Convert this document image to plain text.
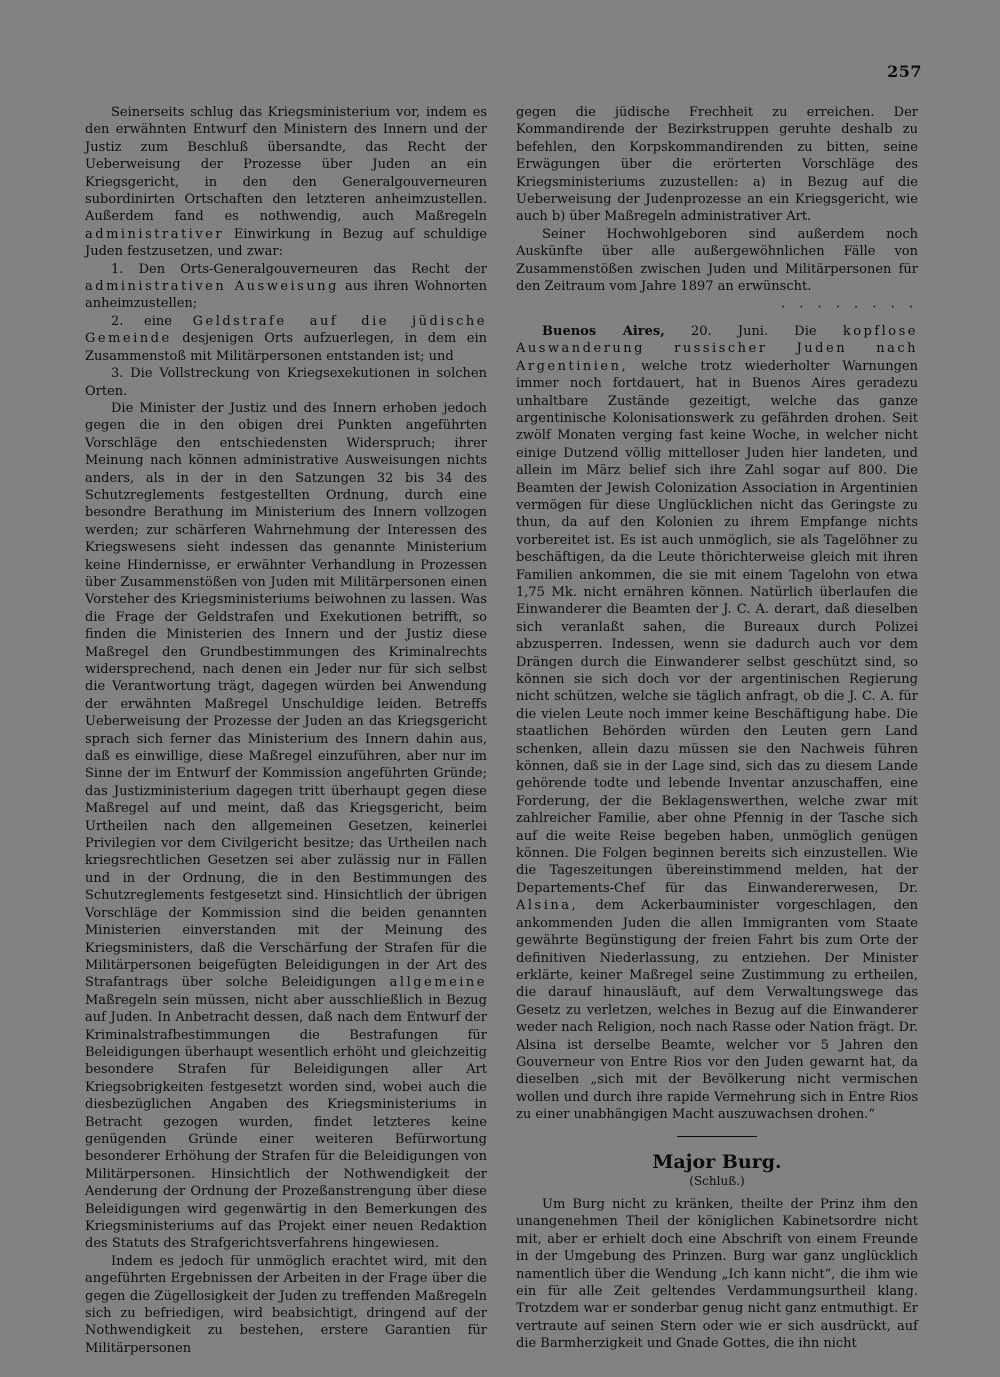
257

Seinerseits schlug das Kriegsministerium vor, indem es den erwähnten Entwurf den Ministern des Innern und der Justiz zum Beschluß übersandte, das Recht der Ueberweisung der Prozesse über Juden an ein Kriegsgericht, in den den Generalgouverneuren subordinirten Ortschaften den letzteren anheimzustellen. Außerdem fand es nothwendig, auch Maßregeln administrativer Einwirkung in Bezug auf schuldige Juden festzusetzen, und zwar:

1. Den Orts-Generalgouverneuren das Recht der administrativen Ausweisung aus ihren Wohnorten anheimzustellen;

2. eine Geldstrafe auf die jüdische Gemeinde desjenigen Orts aufzuerlegen, in dem ein Zusammenstoß mit Militärpersonen entstanden ist; und

3. Die Vollstreckung von Kriegsexekutionen in solchen Orten.

Die Minister der Justiz und des Innern erhoben jedoch gegen die in den obigen drei Punkten angeführten Vorschläge den entschiedensten Widerspruch; ihrer Meinung nach können administrative Ausweisungen nichts anders, als in der in den Satzungen 32 bis 34 des Schutzreglements festgestellten Ordnung, durch eine besondre Berathung im Ministerium des Innern vollzogen werden; zur schärferen Wahrnehmung der Interessen des Kriegswesens sieht indessen das genannte Ministerium keine Hindernisse, er erwähnter Verhandlung in Prozessen über Zusammenstößen von Juden mit Militärpersonen einen Vorsteher des Kriegsministeriums beiwohnen zu lassen. Was die Frage der Geldstrafen und Exekutionen betrifft, so finden die Ministerien des Innern und der Justiz diese Maßregel den Grundbestimmungen des Kriminalrechts widersprechend, nach denen ein Jeder nur für sich selbst die Verantwortung trägt, dagegen würden bei Anwendung der erwähnten Maßregel Unschuldige leiden. Betreffs Ueberweisung der Prozesse der Juden an das Kriegsgericht sprach sich ferner das Ministerium des Innern dahin aus, daß es einwillige, diese Maßregel einzuführen, aber nur im Sinne der im Entwurf der Kommission angeführten Gründe; das Justizministerium dagegen tritt überhaupt gegen diese Maßregel auf und meint, daß das Kriegsgericht, beim Urtheilen nach den allgemeinen Gesetzen, keinerlei Privilegien vor dem Civilgericht besitze; das Urtheilen nach kriegsrechtlichen Gesetzen sei aber zulässig nur in Fällen und in der Ordnung, die in den Bestimmungen des Schutzreglements festgesetzt sind. Hinsichtlich der übrigen Vorschläge der Kommission sind die beiden genannten Ministerien einverstanden mit der Meinung des Kriegsministers, daß die Verschärfung der Strafen für die Militärpersonen beigefügten Beleidigungen in der Art des Strafantrags über solche Beleidigungen allgemeine Maßregeln sein müssen, nicht aber ausschließlich in Bezug auf Juden. In Anbetracht dessen, daß nach dem Entwurf der Kriminalstrafbestimmungen die Bestrafungen für Beleidigungen überhaupt wesentlich erhöht und gleichzeitig besondere Strafen für Beleidigungen aller Art Kriegsobrigkeiten festgesetzt worden sind, wobei auch die diesbezüglichen Angaben des Kriegsministeriums in Betracht gezogen wurden, findet letzteres keine genügenden Gründe einer weiteren Befürwortung besonderer Erhöhung der Strafen für die Beleidigungen von Militärpersonen. Hinsichtlich der Nothwendigkeit der Aenderung der Ordnung der Prozeßanstrengung über diese Beleidigungen wird gegenwärtig in den Bemerkungen des Kriegsministeriums auf das Projekt einer neuen Redaktion des Statuts des Strafgerichtsverfahrens hingewiesen.

Indem es jedoch für unmöglich erachtet wird, mit den angeführten Ergebnissen der Arbeiten in der Frage über die gegen die Zügellosigkeit der Juden zu treffenden Maßregeln sich zu befriedigen, wird beabsichtigt, dringend auf der Nothwendigkeit zu bestehen, erstere Garantien für Militärpersonen

gegen die jüdische Frechheit zu erreichen. Der Kommandirende der Bezirkstruppen geruhte deshalb zu befehlen, den Korpskommandirenden zu bitten, seine Erwägungen über die erörterten Vorschläge des Kriegsministeriums zuzustellen: a) in Bezug auf die Ueberweisung der Judenprozesse an ein Kriegsgericht, wie auch b) über Maßregeln administrativer Art.

Seiner Hochwohlgeboren sind außerdem noch Auskünfte über alle außergewöhnlichen Fälle von Zusammenstößen zwischen Juden und Militärpersonen für den Zeitraum vom Jahre 1897 an erwünscht.

· · · · · · · ·

Buenos Aires, 20. Juni. Die kopflose Auswanderung russischer Juden nach Argentinien, welche trotz wiederholter Warnungen immer noch fortdauert, hat in Buenos Aires geradezu unhaltbare Zustände gezeitigt, welche das ganze argentinische Kolonisationswerk zu gefährden drohen. Seit zwölf Monaten verging fast keine Woche, in welcher nicht einige Dutzend völlig mittelloser Juden hier landeten, und allein im März belief sich ihre Zahl sogar auf 800. Die Beamten der Jewish Colonization Association in Argentinien vermögen für diese Unglücklichen nicht das Geringste zu thun, da auf den Kolonien zu ihrem Empfange nichts vorbereitet ist. Es ist auch unmöglich, sie als Tagelöhner zu beschäftigen, da die Leute thörichterweise gleich mit ihren Familien ankommen, die sie mit einem Tagelohn von etwa 1,75 Mk. nicht ernähren können. Natürlich überlaufen die Einwanderer die Beamten der J. C. A. derart, daß dieselben sich veranlaßt sahen, die Bureaux durch Polizei abzusperren. Indessen, wenn sie dadurch auch vor dem Drängen durch die Einwanderer selbst geschützt sind, so können sie sich doch vor der argentinischen Regierung nicht schützen, welche sie täglich anfragt, ob die J. C. A. für die vielen Leute noch immer keine Beschäftigung habe. Die staatlichen Behörden würden den Leuten gern Land schenken, allein dazu müssen sie den Nachweis führen können, daß sie in der Lage sind, sich das zu diesem Lande gehörende todte und lebende Inventar anzuschaffen, eine Forderung, der die Beklagenswerthen, welche zwar mit zahlreicher Familie, aber ohne Pfennig in der Tasche sich auf die weite Reise begeben haben, unmöglich genügen können. Die Folgen beginnen bereits sich einzustellen. Wie die Tageszeitungen übereinstimmend melden, hat der Departements-Chef für das Einwandererwesen, Dr. Alsina, dem Ackerbauminister vorgeschlagen, den ankommenden Juden die allen Immigranten vom Staate gewährte Begünstigung der freien Fahrt bis zum Orte der definitiven Niederlassung, zu entziehen. Der Minister erklärte, keiner Maßregel seine Zustimmung zu ertheilen, die darauf hinausläuft, auf dem Verwaltungswege das Gesetz zu verletzen, welches in Bezug auf die Einwanderer weder nach Religion, noch nach Rasse oder Nation frägt. Dr. Alsina ist derselbe Beamte, welcher vor 5 Jahren den Gouverneur von Entre Rios vor den Juden gewarnt hat, da dieselben „sich mit der Bevölkerung nicht vermischen wollen und durch ihre rapide Vermehrung sich in Entre Rios zu einer unabhängigen Macht auszuwachsen drohen.“

Major Burg.
(Schluß.)

Um Burg nicht zu kränken, theilte der Prinz ihm den unangenehmen Theil der königlichen Kabinetsordre nicht mit, aber er erhielt doch eine Abschrift von einem Freunde in der Umgebung des Prinzen. Burg war ganz unglücklich namentlich über die Wendung „Ich kann nicht“, die ihm wie ein für alle Zeit geltendes Verdammungsurtheil klang. Trotzdem war er sonderbar genug nicht ganz entmuthigt. Er vertraute auf seinen Stern oder wie er sich ausdrückt, auf die Barmherzigkeit und Gnade Gottes, die ihn nicht
